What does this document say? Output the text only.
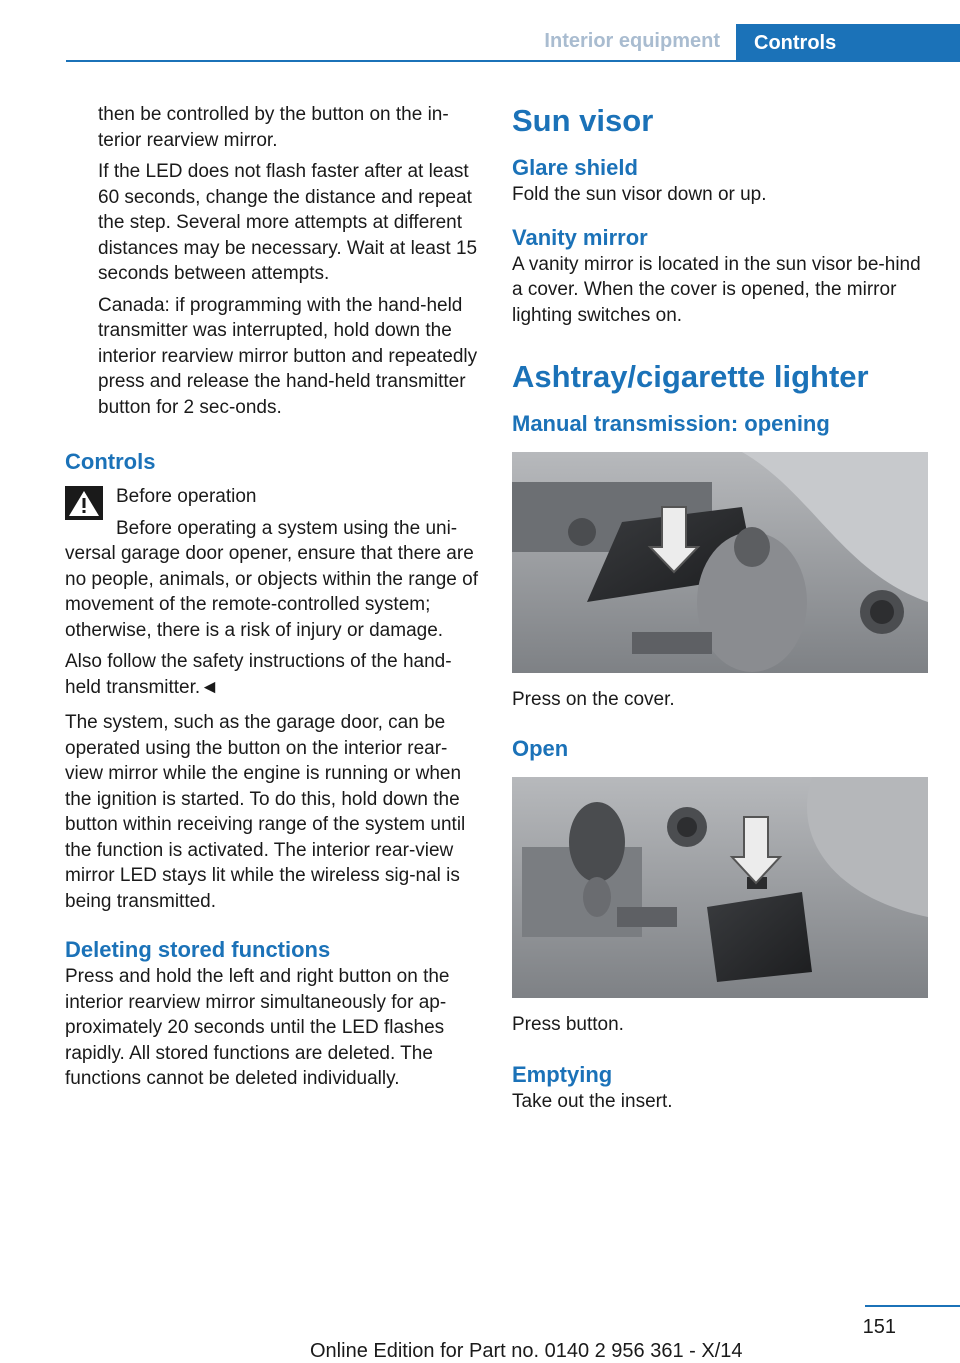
Interior equipment Controls

then be controlled by the button on the in-terior rearview mirror.

If the LED does not flash faster after at least 60 seconds, change the distance and repeat the step. Several more attempts at different distances may be necessary. Wait at least 15 seconds between attempts.

Canada: if programming with the hand-held transmitter was interrupted, hold down the interior rearview mirror button and repeatedly press and release the hand-held transmitter button for 2 sec-onds.

Controls

Before operation

Before operating a system using the uni-versal garage door opener, ensure that there are no people, animals, or objects within the range of movement of the remote-controlled system; otherwise, there is a risk of injury or damage.

Also follow the safety instructions of the hand-held transmitter.◄

The system, such as the garage door, can be operated using the button on the interior rear-view mirror while the engine is running or when the ignition is started. To do this, hold down the button within receiving range of the system until the function is activated. The interior rear-view mirror LED stays lit while the wireless sig-nal is being transmitted.

Deleting stored functions

Press and hold the left and right button on the interior rearview mirror simultaneously for ap-proximately 20 seconds until the LED flashes rapidly. All stored functions are deleted. The functions cannot be deleted individually.

Sun visor
Glare shield

Fold the sun visor down or up.

Vanity mirror

A vanity mirror is located in the sun visor be-hind a cover. When the cover is opened, the mirror lighting switches on.

Ashtray/cigarette lighter
Manual transmission: opening

Press on the cover.

Open

Press button.

Emptying

Take out the insert.

151
Online Edition for Part no. 0140 2 956 361 - X/14
